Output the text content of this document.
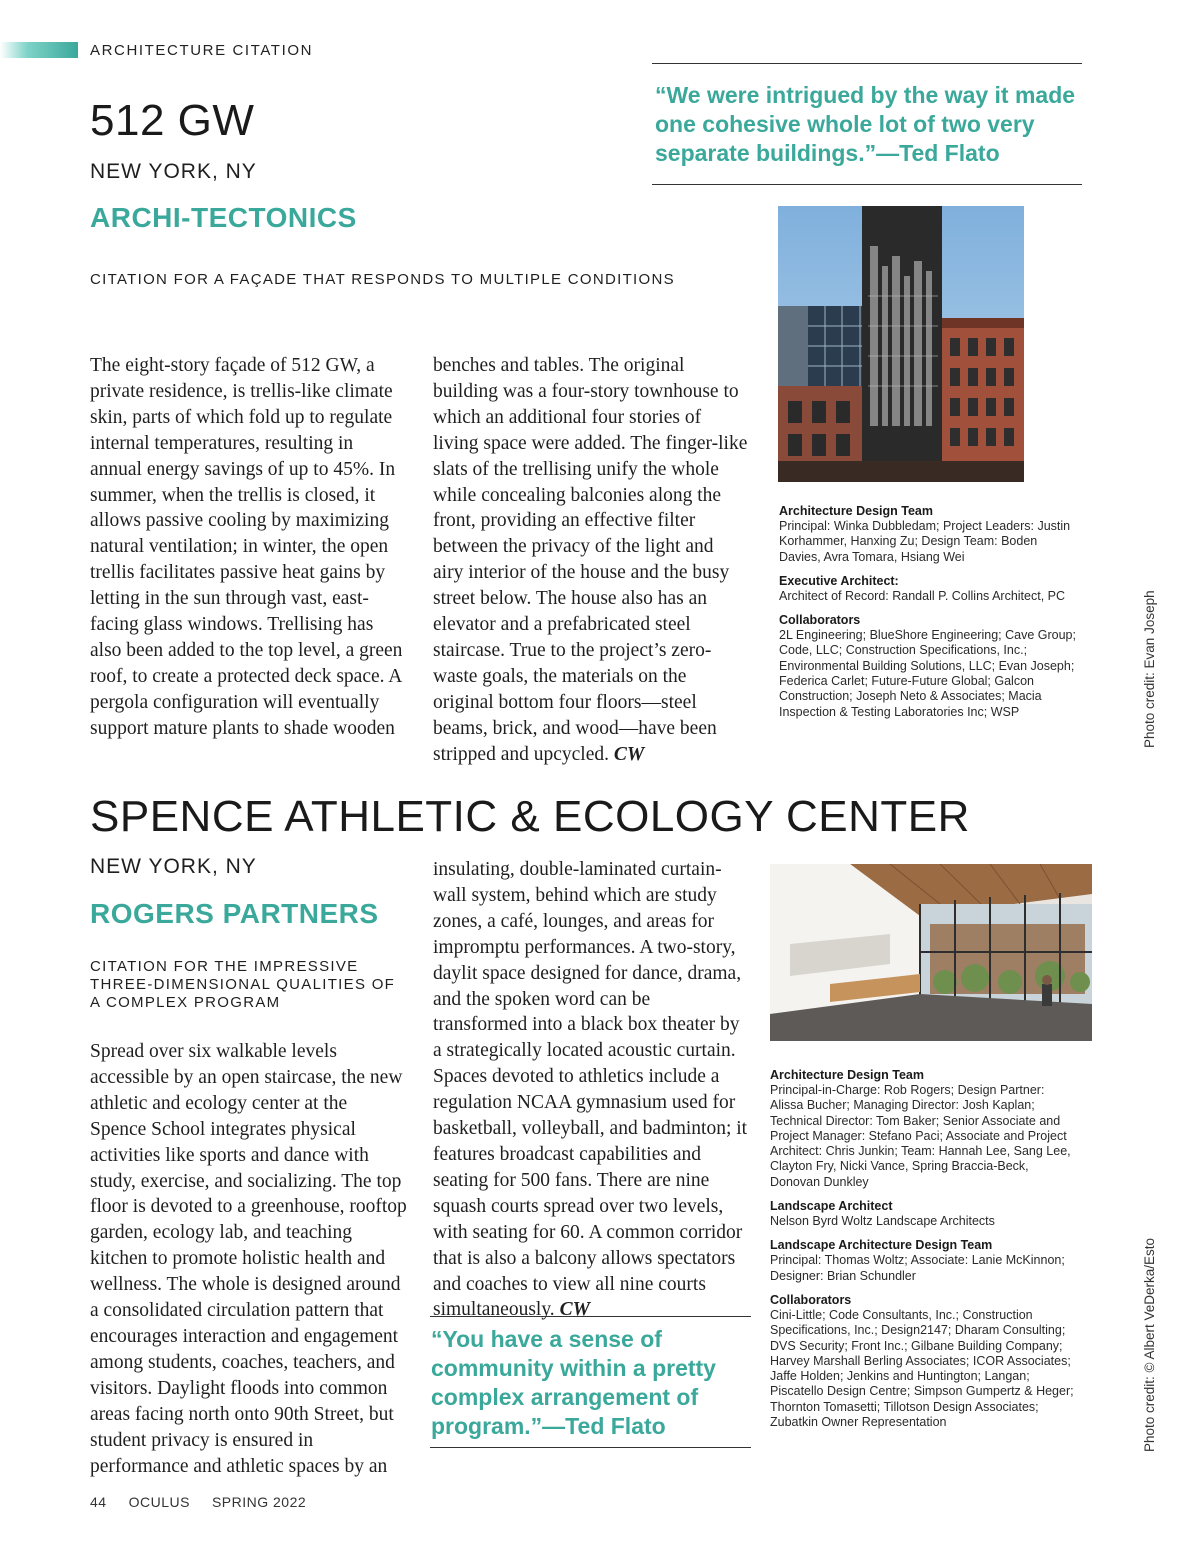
ARCHITECTURE CITATION
512 GW
NEW YORK, NY
ARCHI-TECTONICS
CITATION FOR A FAÇADE THAT RESPONDS TO MULTIPLE CONDITIONS
“We were intrigued by the way it made one cohesive whole lot of two very separate buildings.”—Ted Flato
Architecture Design Team

Principal: Winka Dubbledam; Project Leaders: Justin Korhammer, Hanxing Zu; Design Team: Boden Davies, Avra Tomara, Hsiang Wei

Executive Architect:

Architect of Record: Randall P. Collins Architect, PC

Collaborators

2L Engineering; BlueShore Engineering; Cave Group; Code, LLC; Construction Specifications, Inc.; Environmental Building Solutions, LLC; Evan Joseph; Federica Carlet; Future-Future Global; Galcon Construction; Joseph Neto & Associates; Macia Inspection & Testing Laboratories Inc; WSP	Photo credit: Evan Joseph

The eight-story façade of 512 GW, a private residence, is trellis-like climate skin, parts of which fold up to regulate internal temperatures, resulting in annual energy savings of up to 45%. In summer, when the trellis is closed, it allows passive cooling by maximizing natural ventilation; in winter, the open trellis facilitates passive heat gains by letting in the sun through vast, east-facing glass windows. Trellising has also been added to the top level, a green roof, to create a protected deck space. A pergola configuration will eventually support mature plants to shade wooden

benches and tables. The original building was a four-story townhouse to which an additional four stories of living space were added. The finger-like slats of the trellising unify the whole while concealing balconies along the front, providing an effective filter between the privacy of the light and airy interior of the house and the busy street below. The house also has an elevator and a prefabricated steel staircase. True to the project’s zero-waste goals, the materials on the original bottom four floors—steel beams, brick, and wood—have been stripped and upcycled. CW

SPENCE ATHLETIC & ECOLOGY CENTER
NEW YORK, NY
ROGERS PARTNERS
CITATION FOR THE IMPRESSIVE THREE-DIMENSIONAL QUALITIES OF A COMPLEX PROGRAM

Spread over six walkable levels accessible by an open staircase, the new athletic and ecology center at the Spence School integrates physical activities like sports and dance with study, exercise, and socializing. The top floor is devoted to a greenhouse, rooftop garden, ecology lab, and teaching kitchen to promote holistic health and wellness. The whole is designed around a consolidated circulation pattern that encourages interaction and engagement among students, coaches, teachers, and visitors. Daylight floods into common areas facing north onto 90th Street, but student privacy is ensured in performance and athletic spaces by an

insulating, double-laminated curtain-wall system, behind which are study zones, a café, lounges, and areas for impromptu performances. A two-story, daylit space designed for dance, drama, and the spoken word can be transformed into a black box theater by a strategically located acoustic curtain. Spaces devoted to athletics include a regulation NCAA gymnasium used for basketball, volleyball, and badminton; it features broadcast capabilities and seating for 500 fans. There are nine squash courts spread over two levels, with seating for 60. A common corridor that is also a balcony allows spectators and coaches to view all nine courts simultaneously. CW

“You have a sense of community within a pretty complex arrangement of program.”—Ted Flato
Architecture Design Team

Principal-in-Charge: Rob Rogers; Design Partner: Alissa Bucher; Managing Director: Josh Kaplan; Technical Director: Tom Baker; Senior Associate and Project Manager: Stefano Paci; Associate and Project Architect: Chris Junkin; Team: Hannah Lee, Sang Lee, Clayton Fry, Nicki Vance, Spring Braccia-Beck, Donovan Dunkley

Landscape Architect

Nelson Byrd Woltz Landscape Architects

Landscape Architecture Design Team

Principal: Thomas Woltz; Associate: Lanie McKinnon; Designer: Brian Schundler

Collaborators

Cini-Little; Code Consultants, Inc.; Construction Specifications, Inc.; Design2147; Dharam Consulting; DVS Security; Front Inc.; Gilbane Building Company; Harvey Marshall Berling Associates; ICOR Associates; Jaffe Holden; Jenkins and Huntington; Langan; Piscatello Design Centre; Simpson Gumpertz & Heger; Thornton Tomasetti; Tillotson Design Associates; Zubatkin Owner Representation	Photo credit: © Albert VeDerka/Esto
44 OCULUS SPRING 2022
